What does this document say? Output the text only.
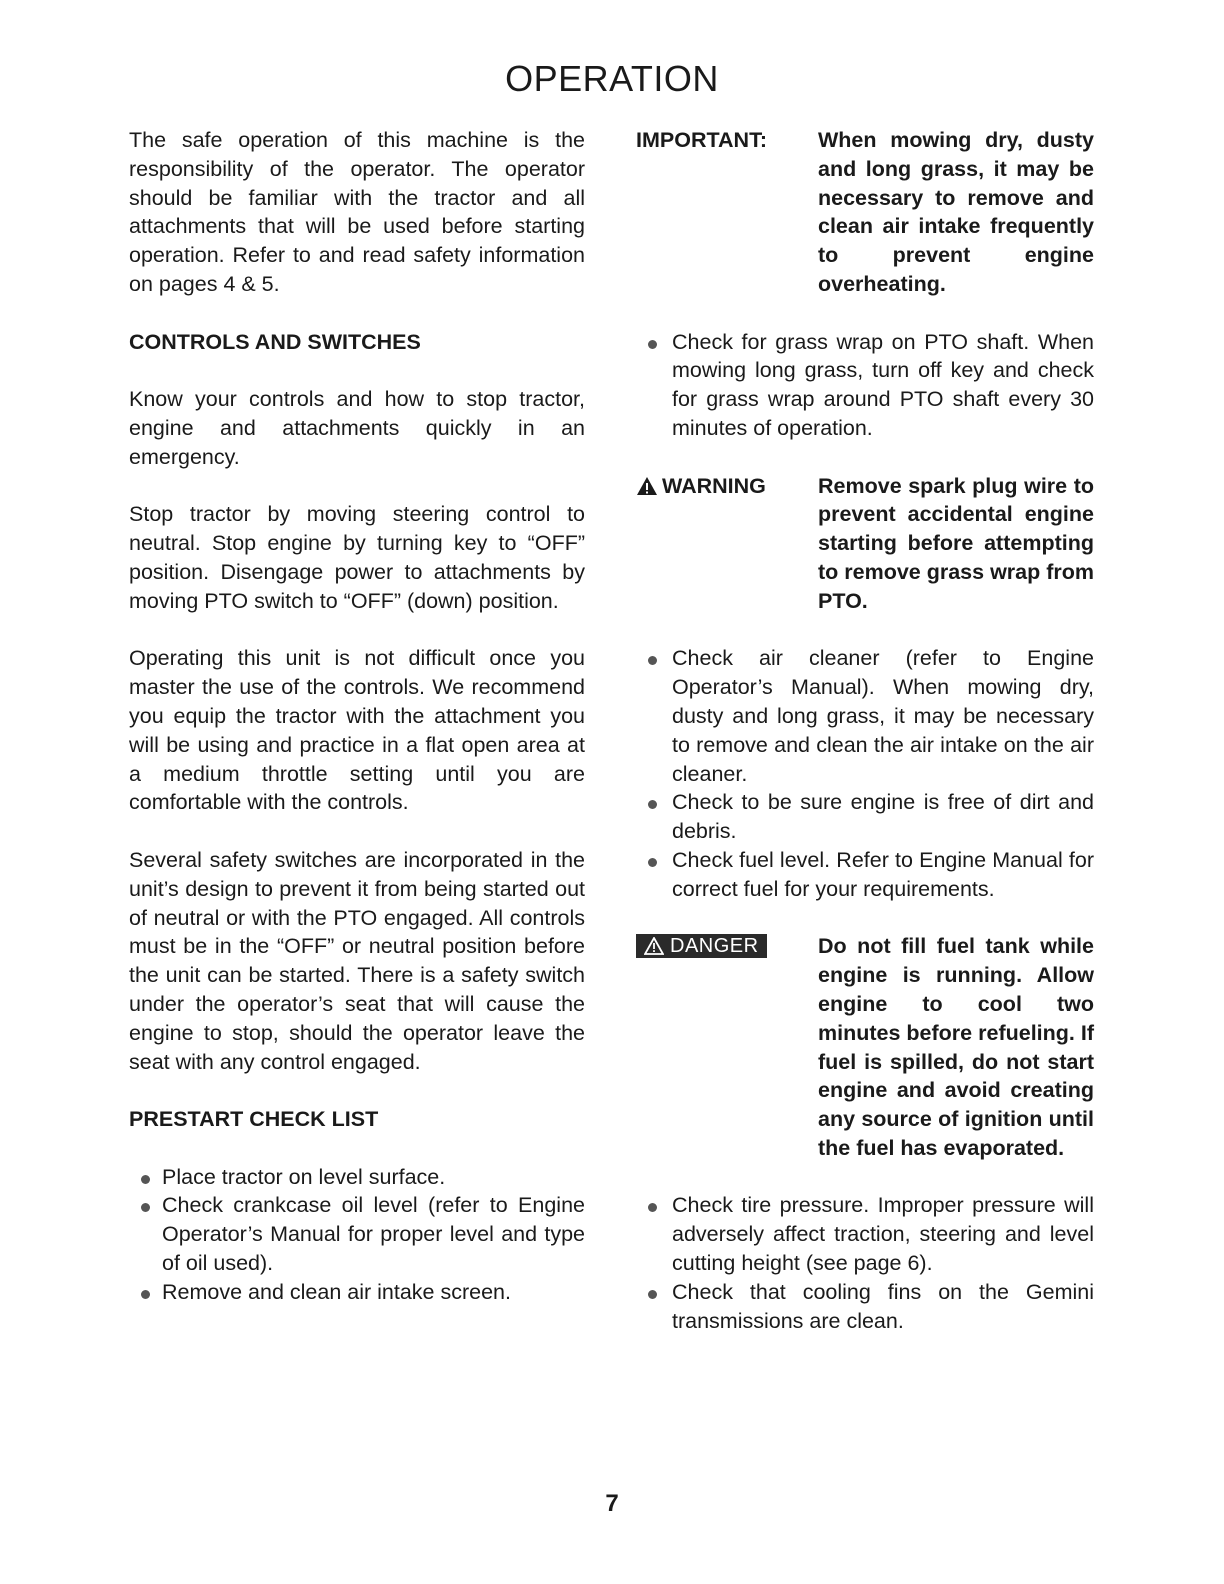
OPERATION

The safe operation of this machine is the responsibility of the operator. The operator should be familiar with the tractor and all attachments that will be used before starting operation. Refer to and read safety information on pages 4 & 5.

CONTROLS AND SWITCHES

Know your controls and how to stop tractor, engine and attachments quickly in an emergency.

Stop tractor by moving steering control to neutral. Stop engine by turning key to “OFF” position. Disengage power to attachments by moving PTO switch to “OFF” (down) position.

Operating this unit is not difficult once you master the use of the controls. We recommend you equip the tractor with the attachment you will be using and practice in a flat open area at a medium throttle setting until you are comfortable with the controls.

Several safety switches are incorporated in the unit’s design to prevent it from being started out of neutral or with the PTO engaged. All controls must be in the “OFF” or neutral position before the unit can be started. There is a safety switch under the operator’s seat that will cause the engine to stop, should the operator leave the seat with any control engaged.

PRESTART CHECK LIST
Place tractor on level surface.
Check crankcase oil level (refer to Engine Operator’s Manual for proper level and type of oil used).
Remove and clean air intake screen.
IMPORTANT:	When mowing dry, dusty and long grass, it may be necessary to remove and clean air intake frequently to prevent engine overheating.
Check for grass wrap on PTO shaft. When mowing long grass, turn off key and check for grass wrap around PTO shaft every 30 minutes of operation.
WARNING Remove spark plug wire to prevent accidental engine starting before attempting to remove grass wrap from PTO.
Check air cleaner (refer to Engine Operator’s Manual). When mowing dry, dusty and long grass, it may be necessary to remove and clean the air intake on the air cleaner.
Check to be sure engine is free of dirt and debris.
Check fuel level. Refer to Engine Manual for correct fuel for your requirements.
DANGER	Do not fill fuel tank while engine is running. Allow engine to cool two minutes before refueling. If fuel is spilled, do not start engine and avoid creating any source of ignition until the fuel has evaporated.
Check tire pressure. Improper pressure will adversely affect traction, steering and level cutting height (see page 6).
Check that cooling fins on the Gemini transmissions are clean.
7
